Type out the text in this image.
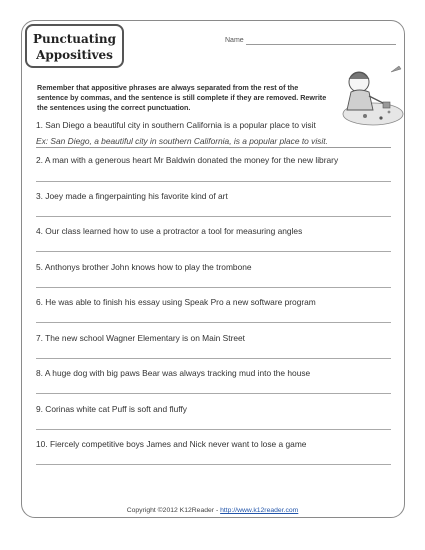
Punctuating
Appositives
Name
Remember that appositive phrases are always separated from the rest of the sentence by commas, and the sentence is still complete if they are removed. Rewrite the sentences using the correct punctuation.
1. San Diego a beautiful city in southern California is a popular place to visit
Ex: San Diego, a beautiful city in southern California, is a popular place to visit.
2. A man with a generous heart Mr Baldwin donated the money for the new library
3. Joey made a fingerpainting his favorite kind of art
4. Our class learned how to use a protractor a tool for measuring angles
5. Anthonys brother John knows how to play the trombone
6. He was able to finish his essay using Speak Pro a new software program
7. The new school Wagner Elementary is on Main Street
8. A huge dog with big paws Bear was always tracking mud into the house
9. Corinas white cat Puff is soft and fluffy
10. Fiercely competitive boys James and Nick never want to lose a game
Copyright ©2012 K12Reader - http://www.k12reader.com
